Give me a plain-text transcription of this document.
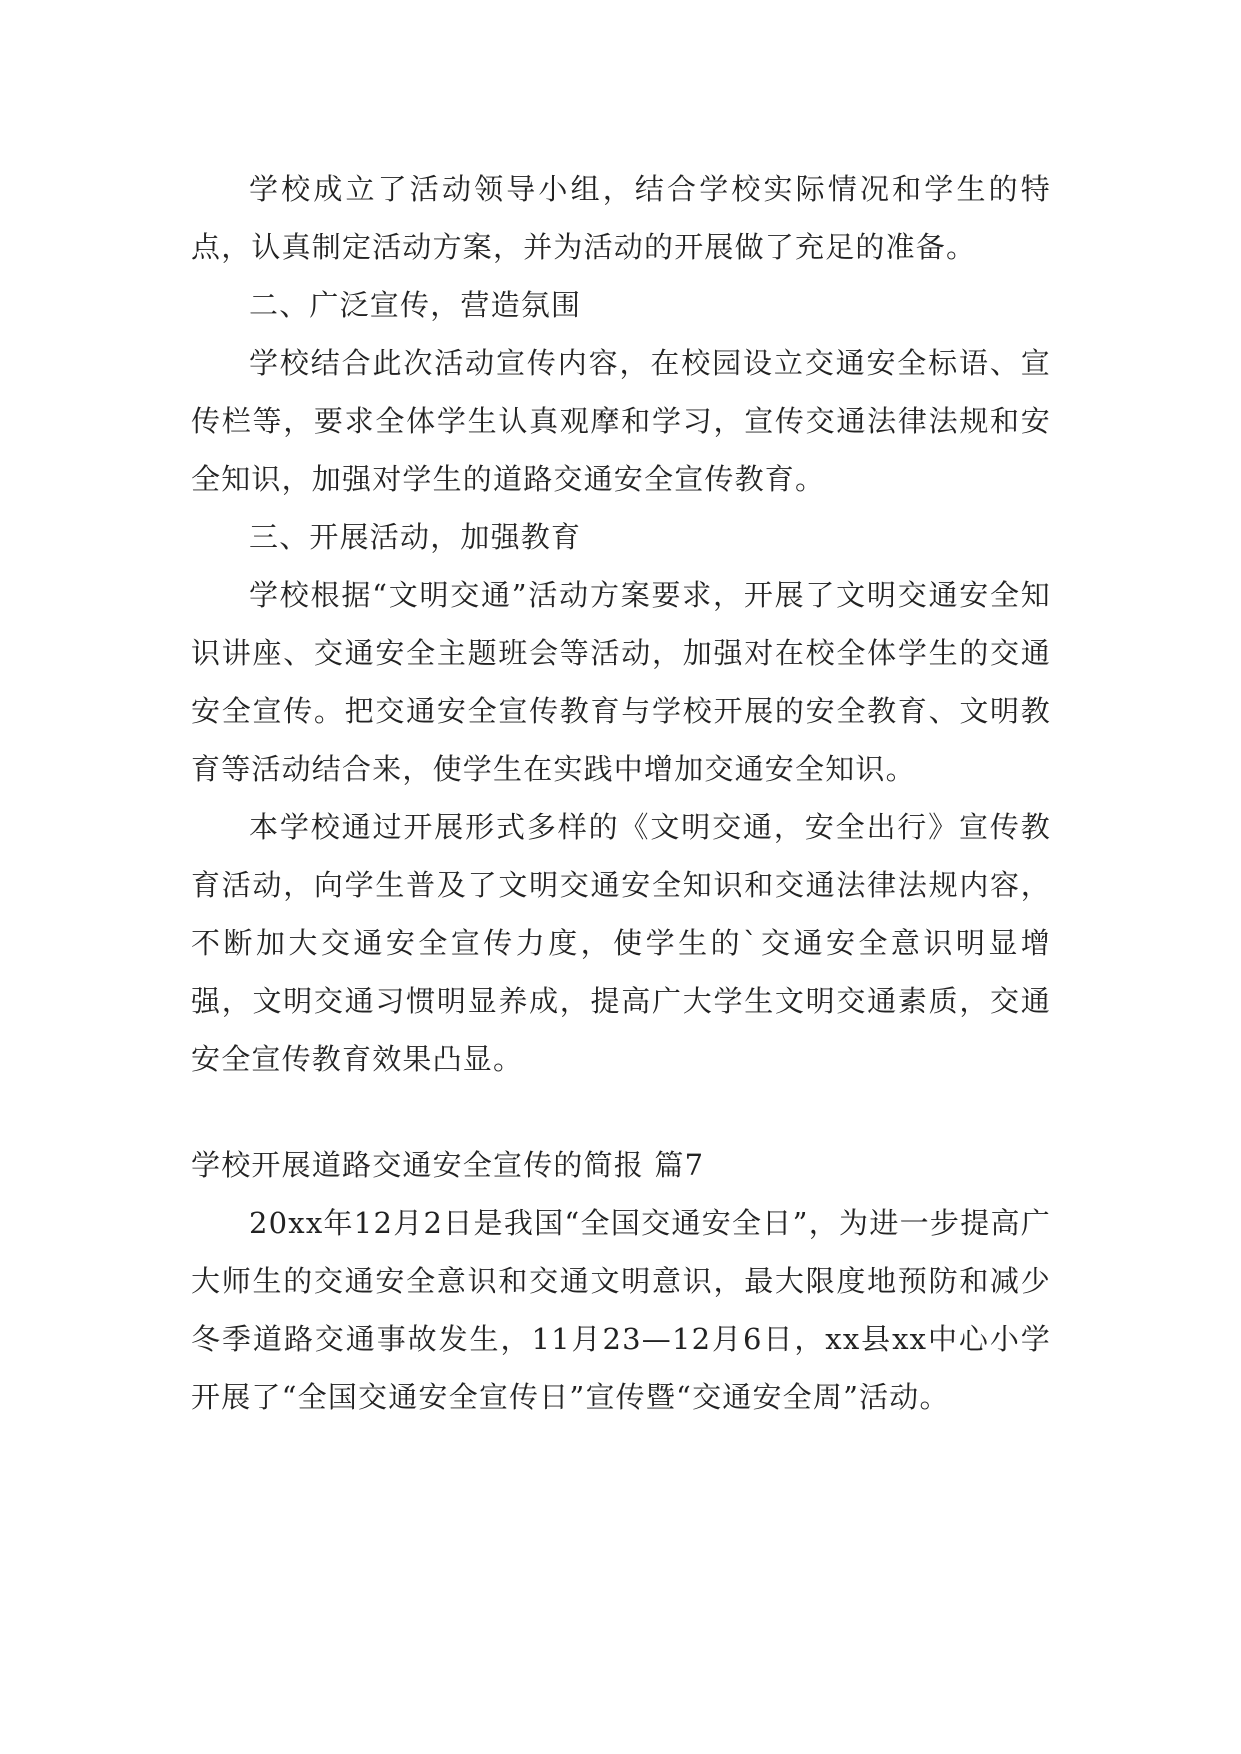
学校成立了活动领导小组，结合学校实际情况和学生的特点，认真制定活动方案，并为活动的开展做了充足的准备。

二、广泛宣传，营造氛围

学校结合此次活动宣传内容，在校园设立交通安全标语、宣传栏等，要求全体学生认真观摩和学习，宣传交通法律法规和安全知识，加强对学生的道路交通安全宣传教育。

三、开展活动，加强教育

学校根据“文明交通”活动方案要求，开展了文明交通安全知识讲座、交通安全主题班会等活动，加强对在校全体学生的交通安全宣传。把交通安全宣传教育与学校开展的安全教育、文明教育等活动结合来，使学生在实践中增加交通安全知识。

本学校通过开展形式多样的《文明交通，安全出行》宣传教育活动，向学生普及了文明交通安全知识和交通法律法规内容，不断加大交通安全宣传力度，使学生的`交通安全意识明显增强，文明交通习惯明显养成，提高广大学生文明交通素质，交通安全宣传教育效果凸显。

学校开展道路交通安全宣传的简报 篇7

20xx年12月2日是我国“全国交通安全日”，为进一步提高广大师生的交通安全意识和交通文明意识，最大限度地预防和减少冬季道路交通事故发生，11月23—12月6日，xx县xx中心小学开展了“全国交通安全宣传日”宣传暨“交通安全周”活动。
